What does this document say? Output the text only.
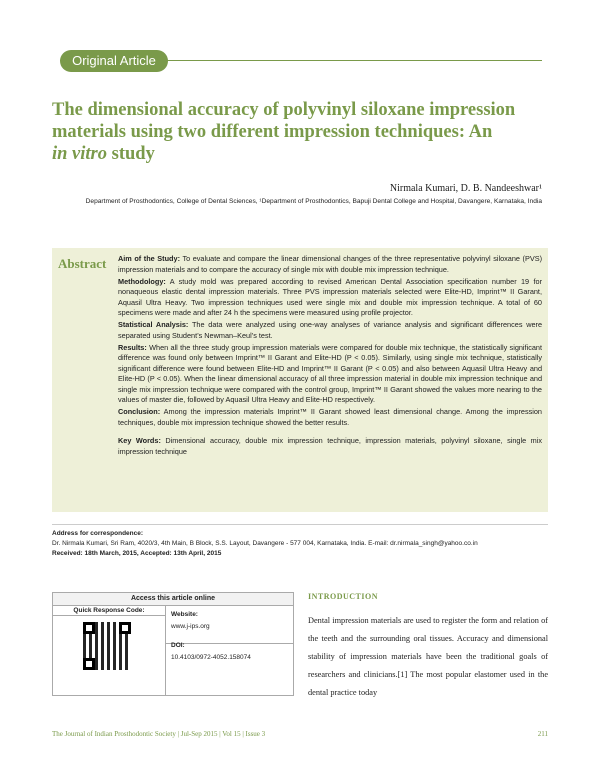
Original Article
The dimensional accuracy of polyvinyl siloxane impression materials using two different impression techniques: An
in vitro study
Nirmala Kumari, D. B. Nandeeshwar¹
Department of Prosthodontics, College of Dental Sciences, ¹Department of Prosthodontics, Bapuji Dental College and Hospital, Davangere, Karnataka, India
Abstract Aim of the Study: To evaluate and compare the linear dimensional changes of the three representative polyvinyl siloxane (PVS) impression materials and to compare the accuracy of single mix with double mix impression technique.

Methodology: A study mold was prepared according to revised American Dental Association specification number 19 for nonaqueous elastic dental impression materials. Three PVS impression materials selected were Elite-HD, Imprint™ II Garant, Aquasil Ultra Heavy. Two impression techniques used were single mix and double mix impression technique. A total of 60 specimens were made and after 24 h the specimens were measured using profile projector.

Statistical Analysis: The data were analyzed using one-way analyses of variance analysis and significant differences were separated using Student’s Newman–Keul’s test.

Results: When all the three study group impression materials were compared for double mix technique, the statistically significant difference was found only between Imprint™ II Garant and Elite-HD (P < 0.05). Similarly, using single mix technique, statistically significant difference were found between Elite-HD and Imprint™ II Garant (P < 0.05) and also between Aquasil Ultra Heavy and Elite-HD (P < 0.05). When the linear dimensional accuracy of all three impression material in double mix impression technique and single mix impression technique were compared with the control group, Imprint™ II Garant showed the values more nearing to the values of master die, followed by Aquasil Ultra Heavy and Elite-HD respectively.

Conclusion: Among the impression materials Imprint™ II Garant showed least dimensional change. Among the impression techniques, double mix impression technique showed the better results.

Key Words: Dimensional accuracy, double mix impression technique, impression materials, polyvinyl siloxane, single mix impression technique

Address for correspondence:
Dr. Nirmala Kumari, Sri Ram, 4020/3, 4th Main, B Block, S.S. Layout, Davangere - 577 004, Karnataka, India. E-mail: dr.nirmala_singh@yahoo.co.in
Received: 18th March, 2015, Accepted: 13th April, 2015
Access this article online
Quick Response Code:
Website:
www.j-ips.org
DOI:
10.4103/0972-4052.158074
INTRODUCTION
Dental impression materials are used to register the form and relation of the teeth and the surrounding oral tissues. Accuracy and dimensional stability of impression materials have been the traditional goals of researchers and clinicians.[1] The most popular elastomer used in the dental practice today
The Journal of Indian Prosthodontic Society | Jul-Sep 2015 | Vol 15 | Issue 3	211
